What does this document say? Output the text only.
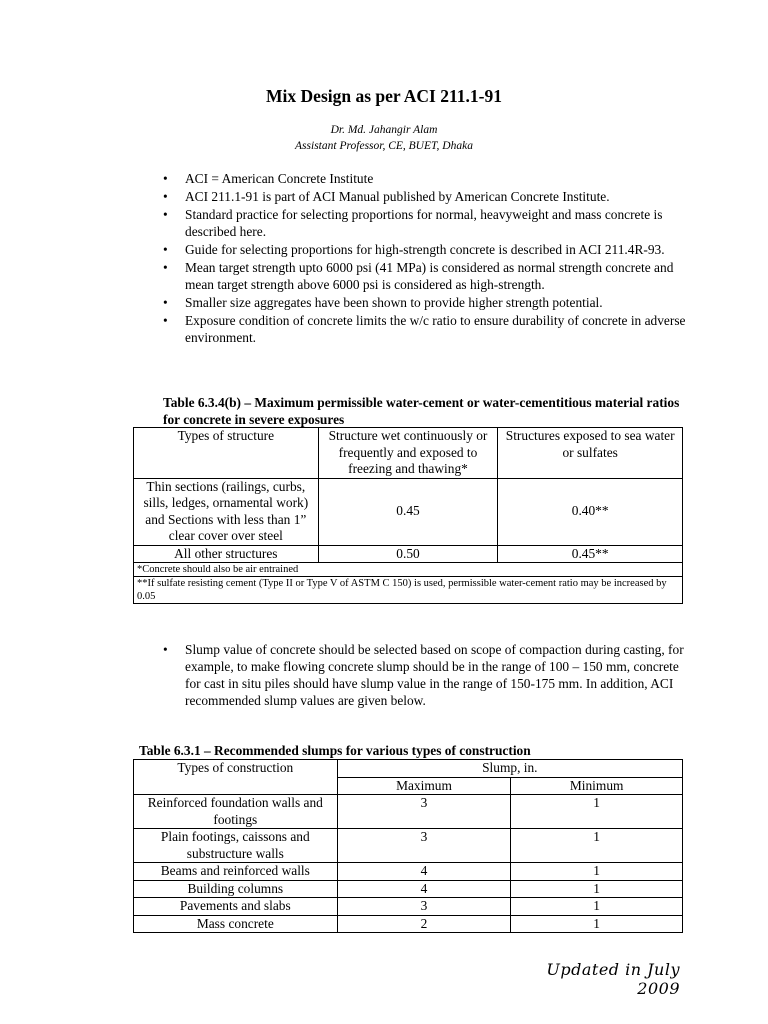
Mix Design as per ACI 211.1-91
Dr. Md. Jahangir Alam
Assistant Professor, CE, BUET, Dhaka
• ACI = American Concrete Institute
• ACI 211.1-91 is part of ACI Manual published by American Concrete Institute.
• Standard practice for selecting proportions for normal, heavyweight and mass concrete is described here.
• Guide for selecting proportions for high-strength concrete is described in ACI 211.4R-93.
• Mean target strength upto 6000 psi (41 MPa) is considered as normal strength concrete and mean target strength above 6000 psi is considered as high-strength.
• Smaller size aggregates have been shown to provide higher strength potential.
• Exposure condition of concrete limits the w/c ratio to ensure durability of concrete in adverse environment.
Table 6.3.4(b) – Maximum permissible water-cement or water-cementitious material ratios for concrete in severe exposures
Types of structure	Structure wet continuously or frequently and exposed to freezing and thawing*	Structures exposed to sea water or sulfates
Thin sections (railings, curbs, sills, ledges, ornamental work) and Sections with less than 1” clear cover over steel	0.45	0.40**
All other structures	0.50	0.45**
*Concrete should also be air entrained		
**If sulfate resisting cement (Type II or Type V of ASTM C 150) is used, permissible water-cement ratio may be increased by 0.05		
• Slump value of concrete should be selected based on scope of compaction during casting, for example, to make flowing concrete slump should be in the range of 100 – 150 mm, concrete for cast in situ piles should have slump value in the range of 150-175 mm. In addition, ACI recommended slump values are given below.
Table 6.3.1 – Recommended slumps for various types of construction
Types of construction	Slump, in.	
	Maximum	Minimum
Reinforced foundation walls and footings	3	1
Plain footings, caissons and substructure walls	3	1
Beams and reinforced walls	4	1
Building columns	4	1
Pavements and slabs	3	1
Mass concrete	2	1
Updated in July 2009
